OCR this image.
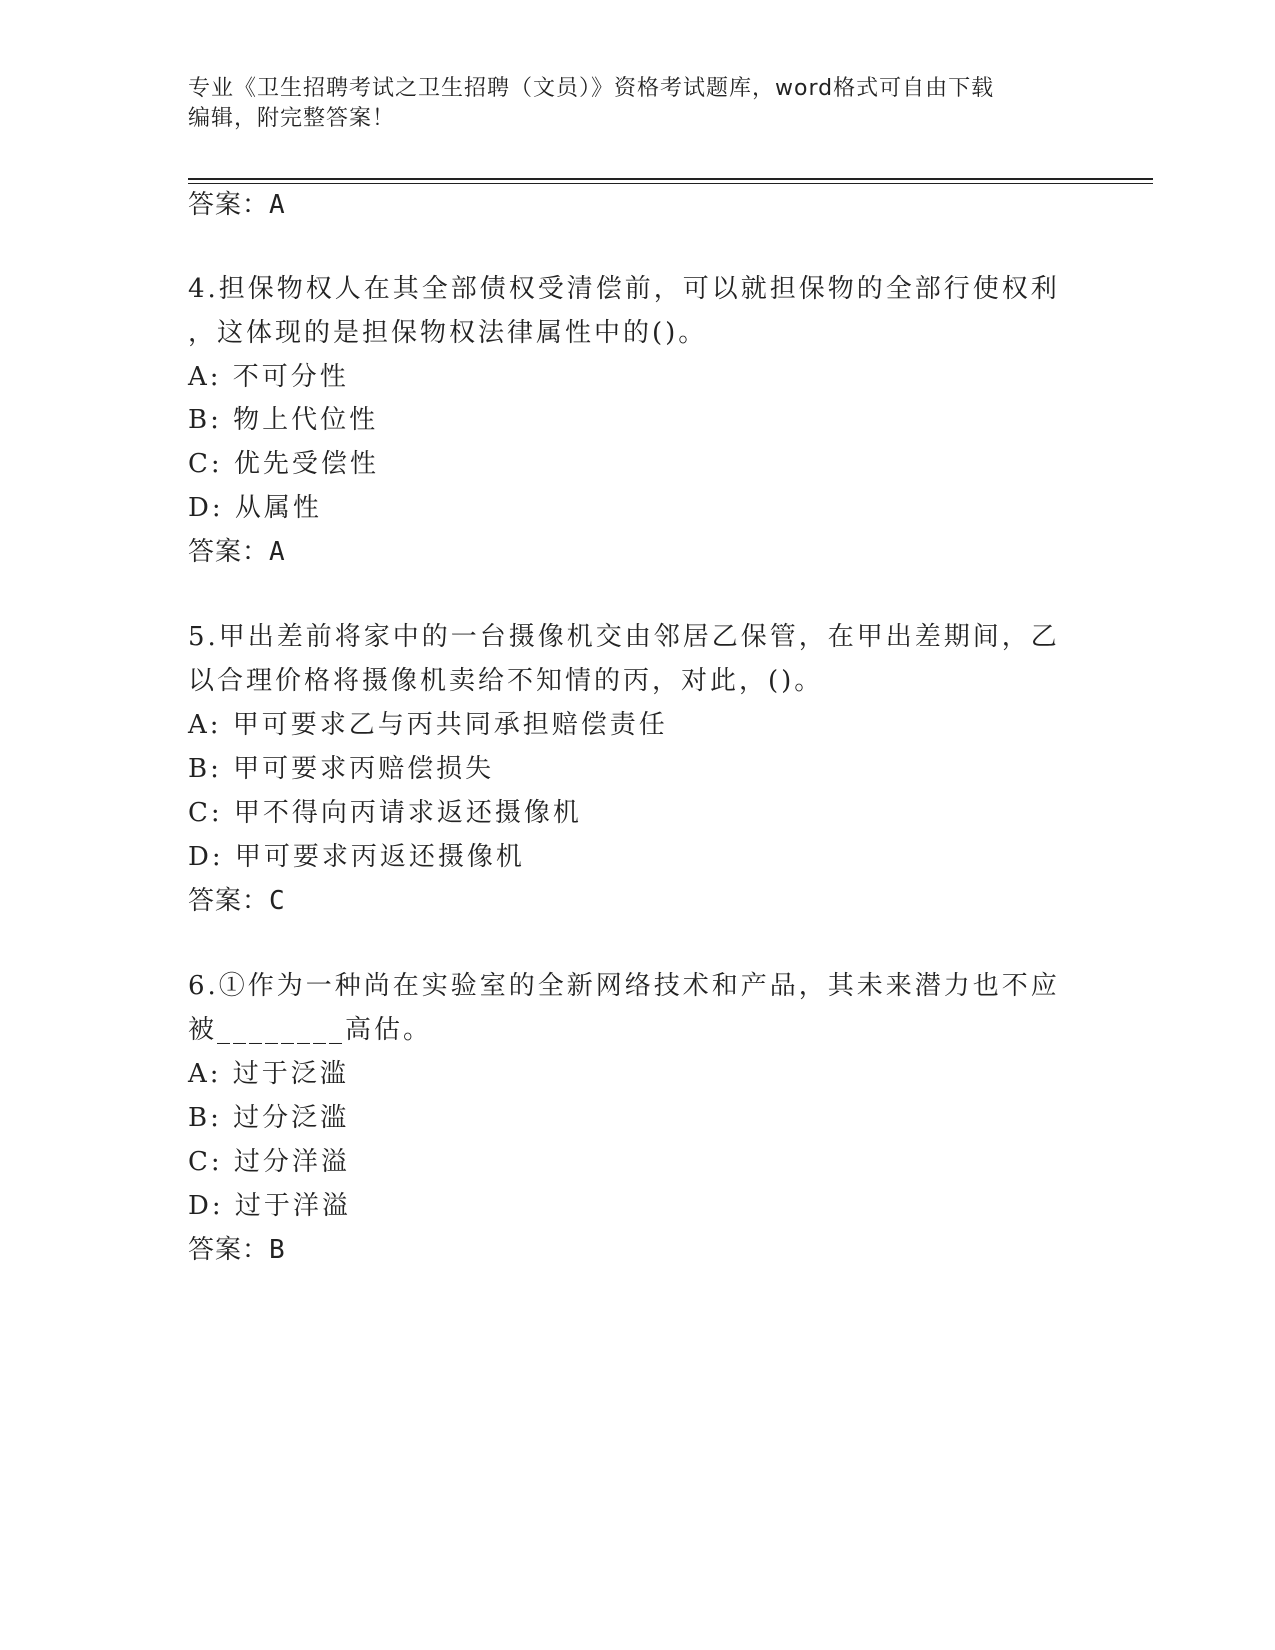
专业《卫生招聘考试之卫生招聘（文员）》资格考试题库，word格式可自由下载
编辑，附完整答案！
答案：A
4.担保物权人在其全部债权受清偿前，可以就担保物的全部行使权利
，这体现的是担保物权法律属性中的()。
A: 不可分性
B: 物上代位性
C: 优先受偿性
D: 从属性
答案：A
5.甲出差前将家中的一台摄像机交由邻居乙保管，在甲出差期间，乙
以合理价格将摄像机卖给不知情的丙，对此，()。
A: 甲可要求乙与丙共同承担赔偿责任
B: 甲可要求丙赔偿损失
C: 甲不得向丙请求返还摄像机
D: 甲可要求丙返还摄像机
答案：C
6.①作为一种尚在实验室的全新网络技术和产品，其未来潜力也不应
被________高估。
A: 过于泛滥
B: 过分泛滥
C: 过分洋溢
D: 过于洋溢
答案：B
